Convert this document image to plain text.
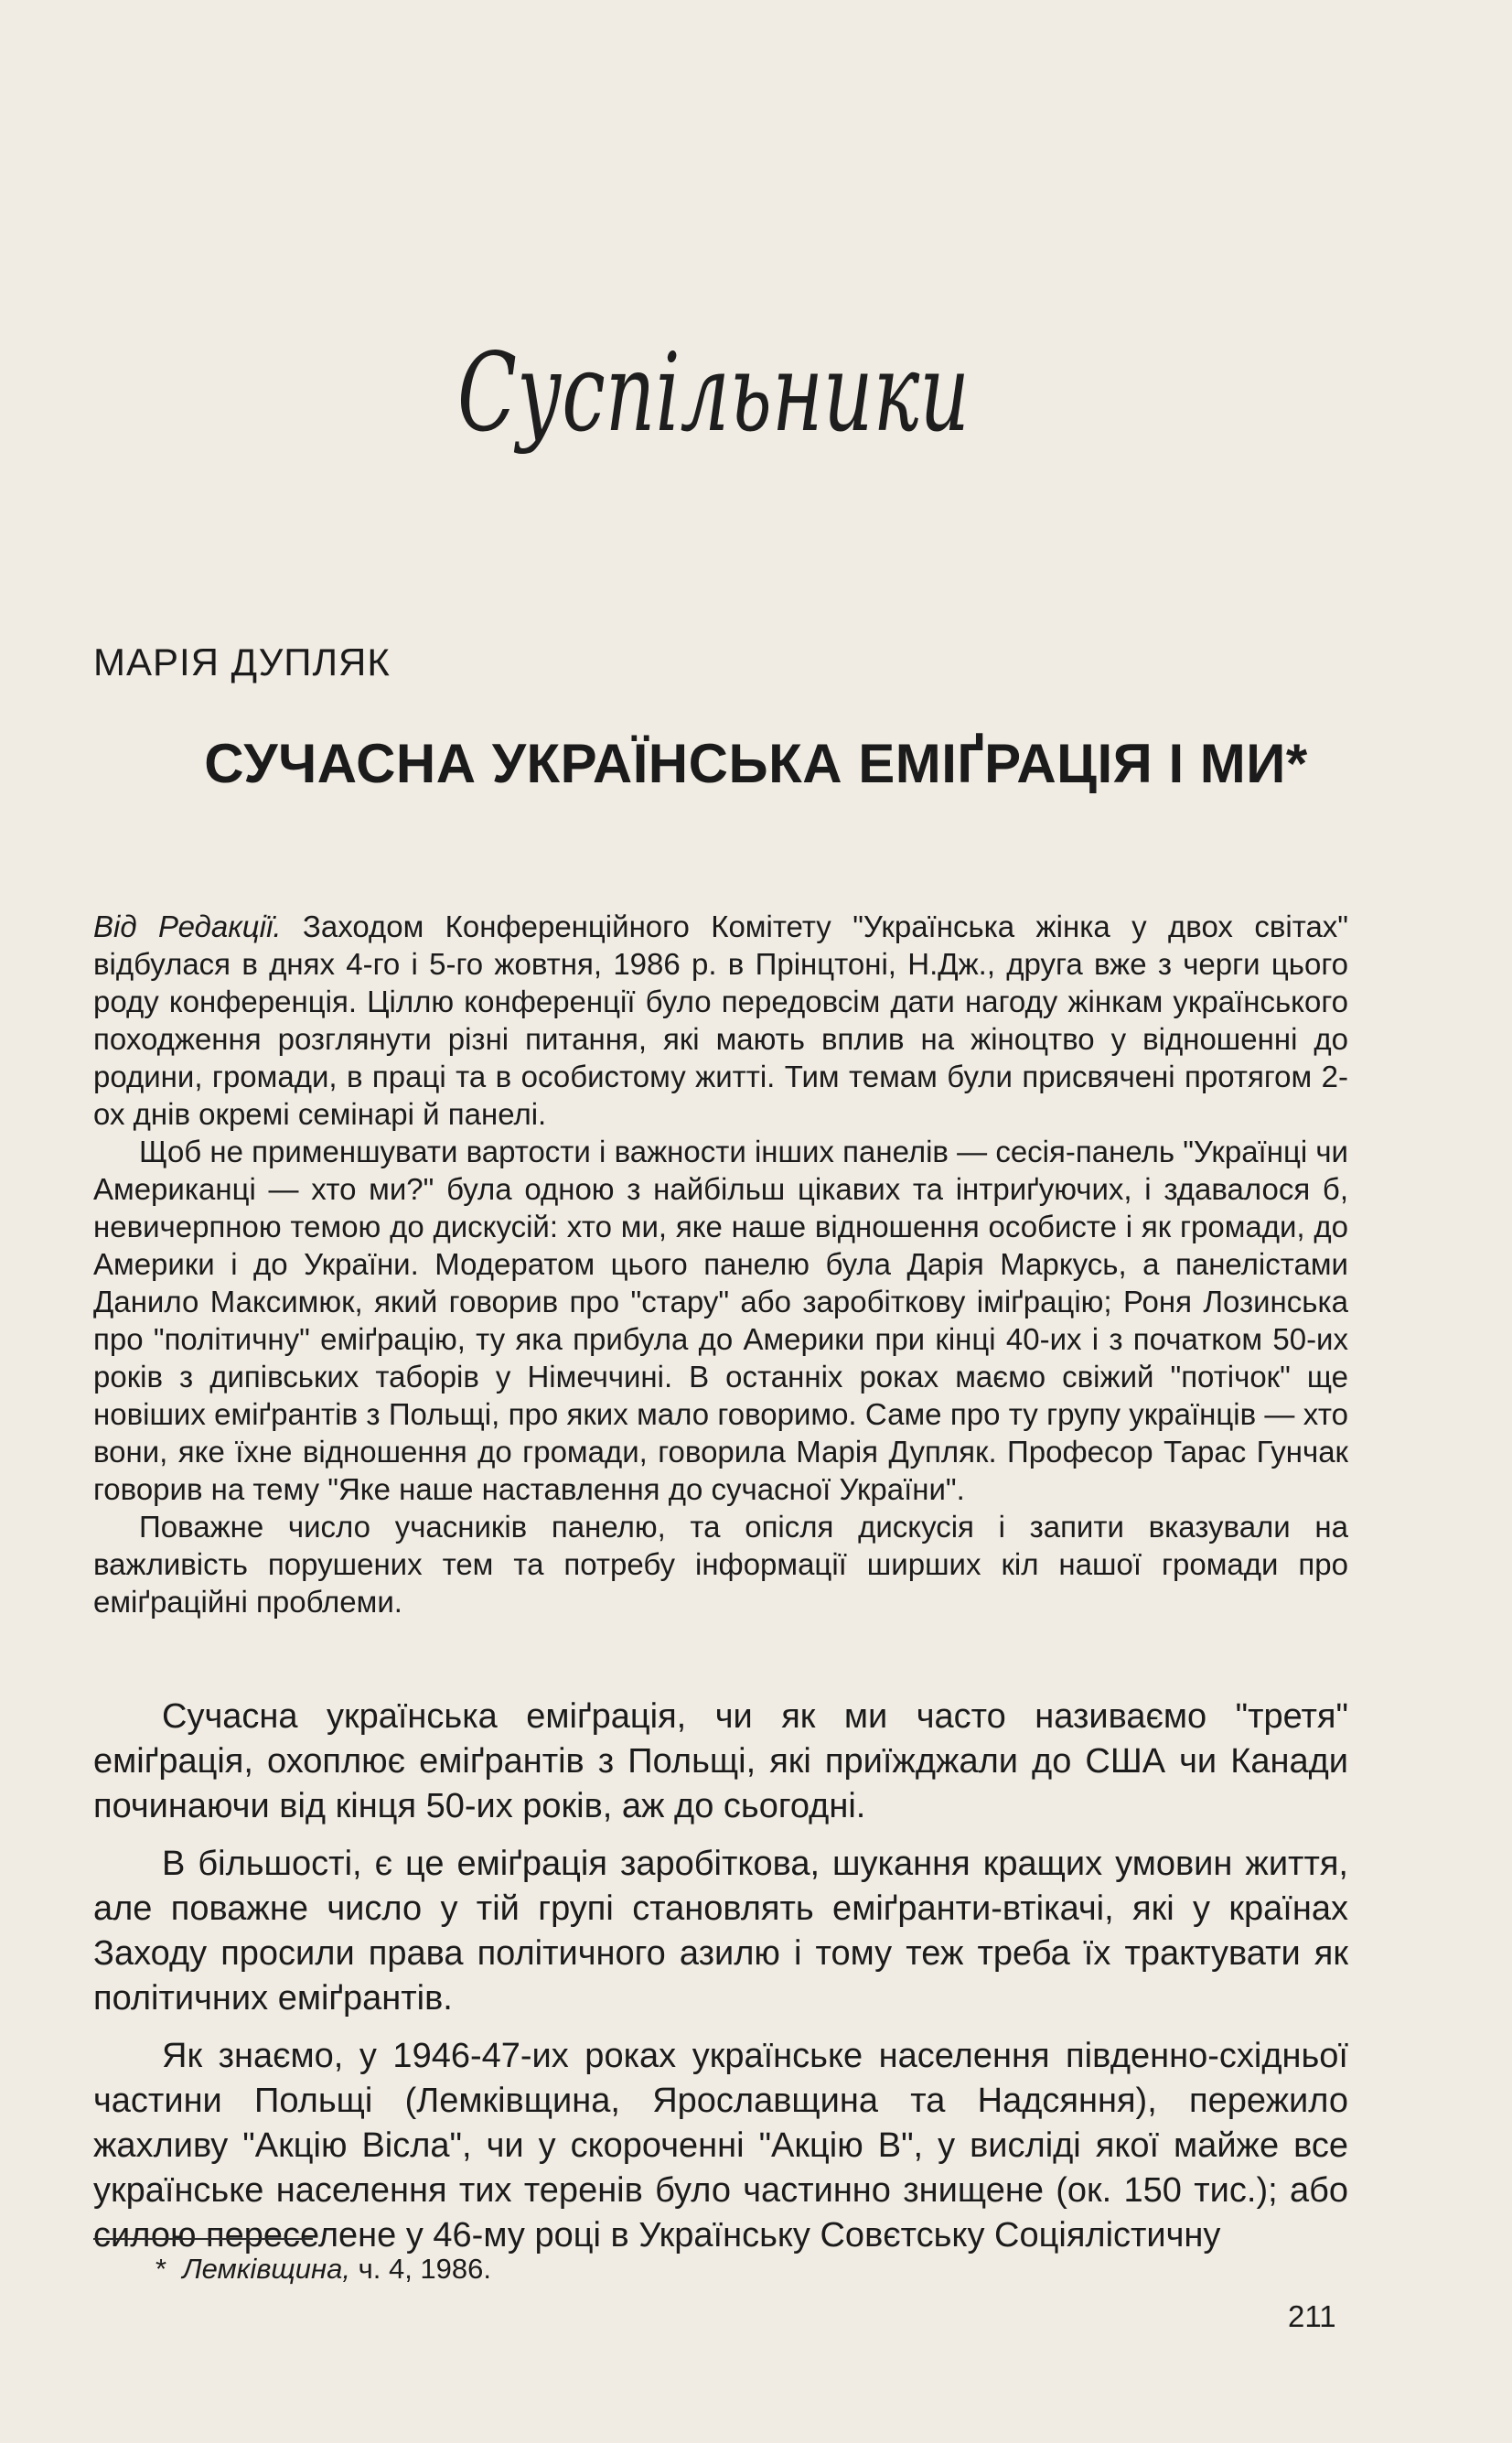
Суспільники
МАРІЯ ДУПЛЯК
СУЧАСНА УКРАЇНСЬКА ЕМІҐРАЦІЯ І МИ*

Від Редакції. Заходом Конференційного Комітету "Українська жінка у двох світах" відбулася в днях 4-го і 5-го жовтня, 1986 р. в Прінцтоні, Н.Дж., друга вже з черги цього роду конференція. Ціллю конференції було передовсім дати нагоду жінкам українського походження розглянути різні питання, які мають вплив на жіноцтво у відношенні до родини, громади, в праці та в особистому житті. Тим темам були присвячені протягом 2-ох днів окремі семінарі й панелі.

Щоб не применшувати вартости і важности інших панелів — сесія-панель "Українці чи Американці — хто ми?" була одною з найбільш цікавих та інтриґуючих, і здавалося б, невичерпною темою до дискусій: хто ми, яке наше відношення особисте і як громади, до Америки і до України. Модератом цього панелю була Дарія Маркусь, а панелістами Данило Максимюк, який говорив про "стару" або заробіткову іміґрацію; Роня Лозинська про "політичну" еміґрацію, ту яка прибула до Америки при кінці 40-их і з початком 50-их років з дипівських таборів у Німеччині. В останніх роках маємо свіжий "потічок" ще новіших еміґрантів з Польщі, про яких мало говоримо. Саме про ту групу українців — хто вони, яке їхне відношення до громади, говорила Марія Дупляк. Професор Тарас Гунчак говорив на тему "Яке наше наставлення до сучасної України".

Поважне число учасників панелю, та опісля дискусія і запити вказували на важливість порушених тем та потребу інформації ширших кіл нашої громади про еміґраційні проблеми.

Сучасна українська еміґрація, чи як ми часто називаємо "третя" еміґрація, охоплює еміґрантів з Польщі, які приїжджали до США чи Канади починаючи від кінця 50-их років, аж до сьогодні.

В більшості, є це еміґрація заробіткова, шукання кращих умовин життя, але поважне число у тій групі становлять еміґранти-втікачі, які у країнах Заходу просили права політичного азилю і тому теж треба їх трактувати як політичних еміґрантів.

Як знаємо, у 1946-47-их роках українське населення південно-східньої частини Польщі (Лемківщина, Ярославщина та Надсяння), пережило жахливу "Акцію Вісла", чи у скороченні "Акцію В", у висліді якої майже все українське населення тих теренів було частинно знищене (ок. 150 тис.); або силою переселене у 46-му році в Українську Совєтську Соціялістичну

* Лемківщина, ч. 4, 1986.

211
